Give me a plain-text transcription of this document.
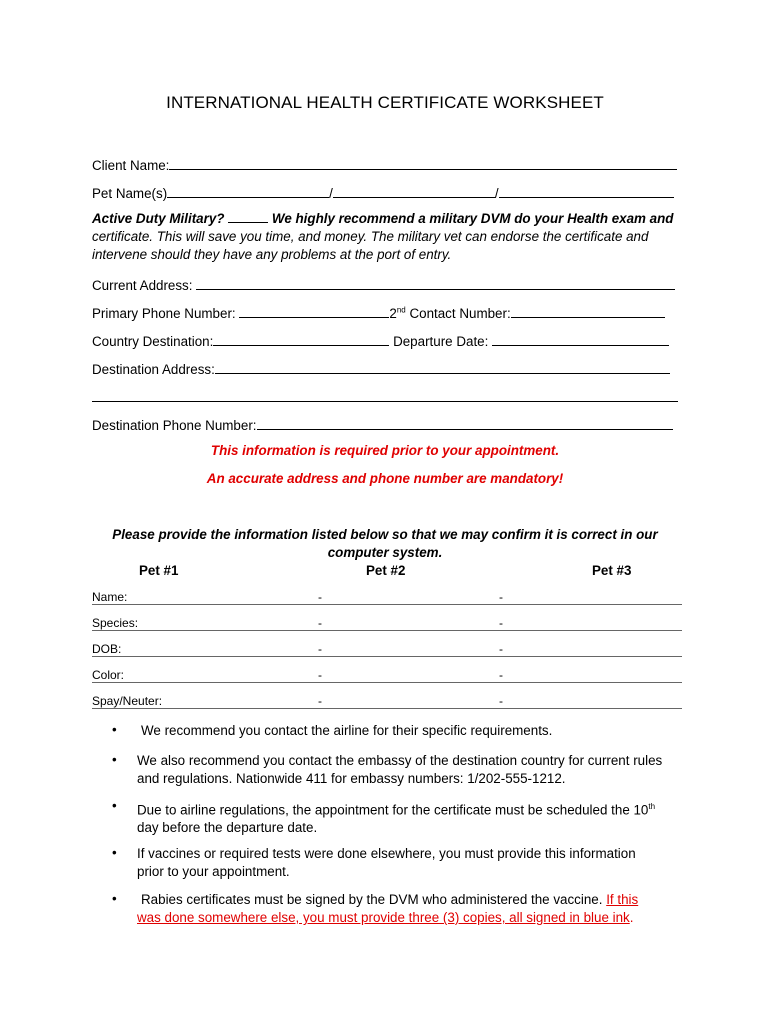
INTERNATIONAL HEALTH CERTIFICATE WORKSHEET
Client Name:
Pet Name(s)	/	/
Active Duty Military?	We highly recommend a military DVM do your Health exam and
certificate. This will save you time, and money. The military vet can endorse the certificate and
intervene should they have any problems at the port of entry.
Current Address:
Primary Phone Number:	2nd Contact Number:
Country Destination:	Departure Date:
Destination Address:
Destination Phone Number:
This information is required prior to your appointment.
An accurate address and phone number are mandatory!
Please provide the information listed below so that we may confirm it is correct in our
computer system.
Pet #1	Pet #2	Pet #3
Name:	-	-
Species:	-	-
DOB:	-	-
Color:	-	-
Spay/Neuter:	-	-
• We recommend you contact the airline for their specific requirements.
• We also recommend you contact the embassy of the destination country for current rules
and regulations. Nationwide 411 for embassy numbers: 1/202-555-1212.
• Due to airline regulations, the appointment for the certificate must be scheduled the 10th
day before the departure date.
• If vaccines or required tests were done elsewhere, you must provide this information
prior to your appointment.
• Rabies certificates must be signed by the DVM who administered the vaccine. If this
was done somewhere else, you must provide three (3) copies, all signed in blue ink.
